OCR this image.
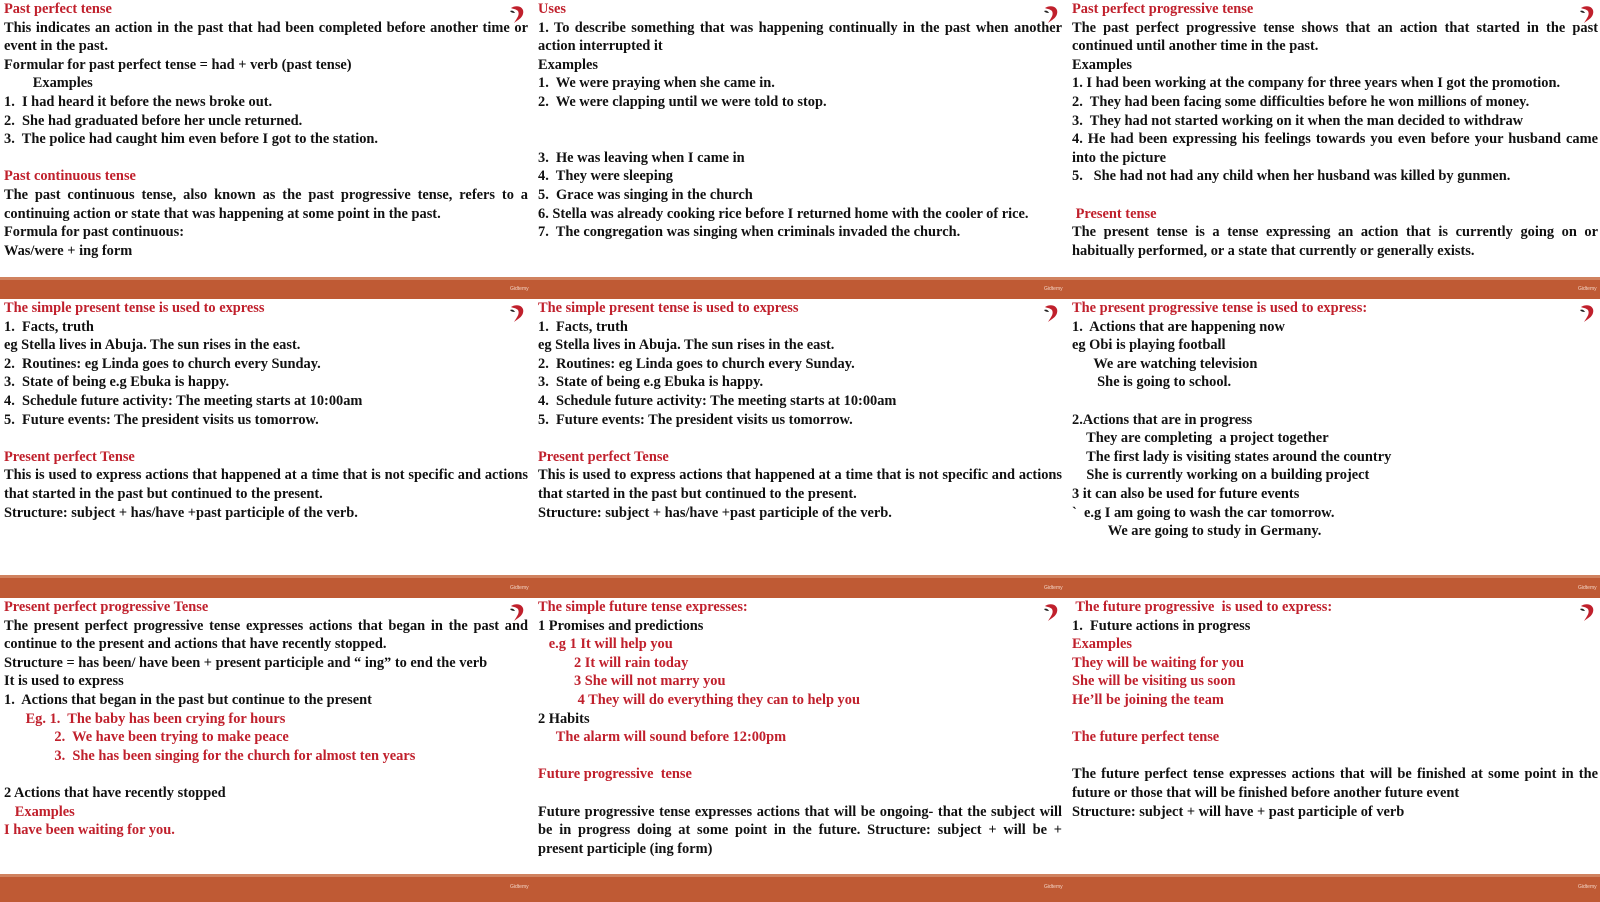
Past perfect tense
This indicates an action in the past that had been completed before another time or event in the past.
Formular for past perfect tense = had + verb (past tense)
Examples
1.  I had heard it before the news broke out.
2.  She had graduated before her uncle returned.
3.  The police had caught him even before I got to the station.
Past continuous tense
The past continuous tense, also known as the past progressive tense, refers to a continuing action or state that was happening at some point in the past.
Formula for past continuous:
Was/were + ing form
Uses
1. To describe something that was happening continually in the past when another action interrupted it
Examples
1.  We were praying when she came in.
2.  We were clapping until we were told to stop.
3.  He was leaving when I came in
4.  They were sleeping
5.  Grace was singing in the church
6. Stella was already cooking rice before I returned home with the cooler of rice.
7.  The congregation was singing when criminals invaded the church.
Past perfect progressive tense
The past perfect progressive tense shows that an action that started in the past continued until another time in the past.
Examples
1. I had been working at the company for three years when I got the promotion.
2.  They had been facing some difficulties before he won millions of money.
3.  They had not started working on it when the man decided to withdraw
4. He had been expressing his feelings towards you even before your husband came into the picture
5.   She had not had any child when her husband was killed by gunmen.
Present tense
The present tense is a tense expressing an action that is currently going on or habitually performed, or a state that currently or generally exists.
Gidtemy	Gidtemy	Gidtemy
The simple present tense is used to express
1.  Facts, truth
eg Stella lives in Abuja. The sun rises in the east.
2.  Routines: eg Linda goes to church every Sunday.
3.  State of being e.g Ebuka is happy.
4.  Schedule future activity: The meeting starts at 10:00am
5.  Future events: The president visits us tomorrow.
Present perfect Tense
This is used to express actions that happened at a time that is not specific and actions that started in the past but continued to the present.
Structure: subject + has/have +past participle of the verb.
The simple present tense is used to express
1.  Facts, truth
eg Stella lives in Abuja. The sun rises in the east.
2.  Routines: eg Linda goes to church every Sunday.
3.  State of being e.g Ebuka is happy.
4.  Schedule future activity: The meeting starts at 10:00am
5.  Future events: The president visits us tomorrow.
Present perfect Tense
This is used to express actions that happened at a time that is not specific and actions that started in the past but continued to the present.
Structure: subject + has/have +past participle of the verb.
The present progressive tense is used to express:
1.  Actions that are happening now
eg Obi is playing football
We are watching television
She is going to school.
2.Actions that are in progress
They are completing  a project together
The first lady is visiting states around the country
She is currently working on a building project
3 it can also be used for future events
`  e.g I am going to wash the car tomorrow.
We are going to study in Germany.
Gidtemy	Gidtemy	Gidtemy
Present perfect progressive Tense
The present perfect progressive tense expresses actions that began in the past and continue to the present and actions that have recently stopped.
Structure = has been/ have been + present participle and “ ing” to end the verb
It is used to express
1.  Actions that began in the past but continue to the present
Eg. 1.  The baby has been crying for hours
2.  We have been trying to make peace
3.  She has been singing for the church for almost ten years
2 Actions that have recently stopped
Examples
I have been waiting for you.
The simple future tense expresses:
1 Promises and predictions
e.g 1 It will help you
2 It will rain today
3 She will not marry you
4 They will do everything they can to help you
2 Habits
The alarm will sound before 12:00pm
Future progressive  tense
Future progressive tense expresses actions that will be ongoing- that the subject will be in progress doing at some point in the future. Structure: subject + will be + present participle (ing form)
The future progressive  is used to express:
1.  Future actions in progress
Examples
They will be waiting for you
She will be visiting us soon
He’ll be joining the team
The future perfect tense
The future perfect tense expresses actions that will be finished at some point in the future or those that will be finished before another future event
Structure: subject + will have + past participle of verb
Gidtemy	Gidtemy	Gidtemy
